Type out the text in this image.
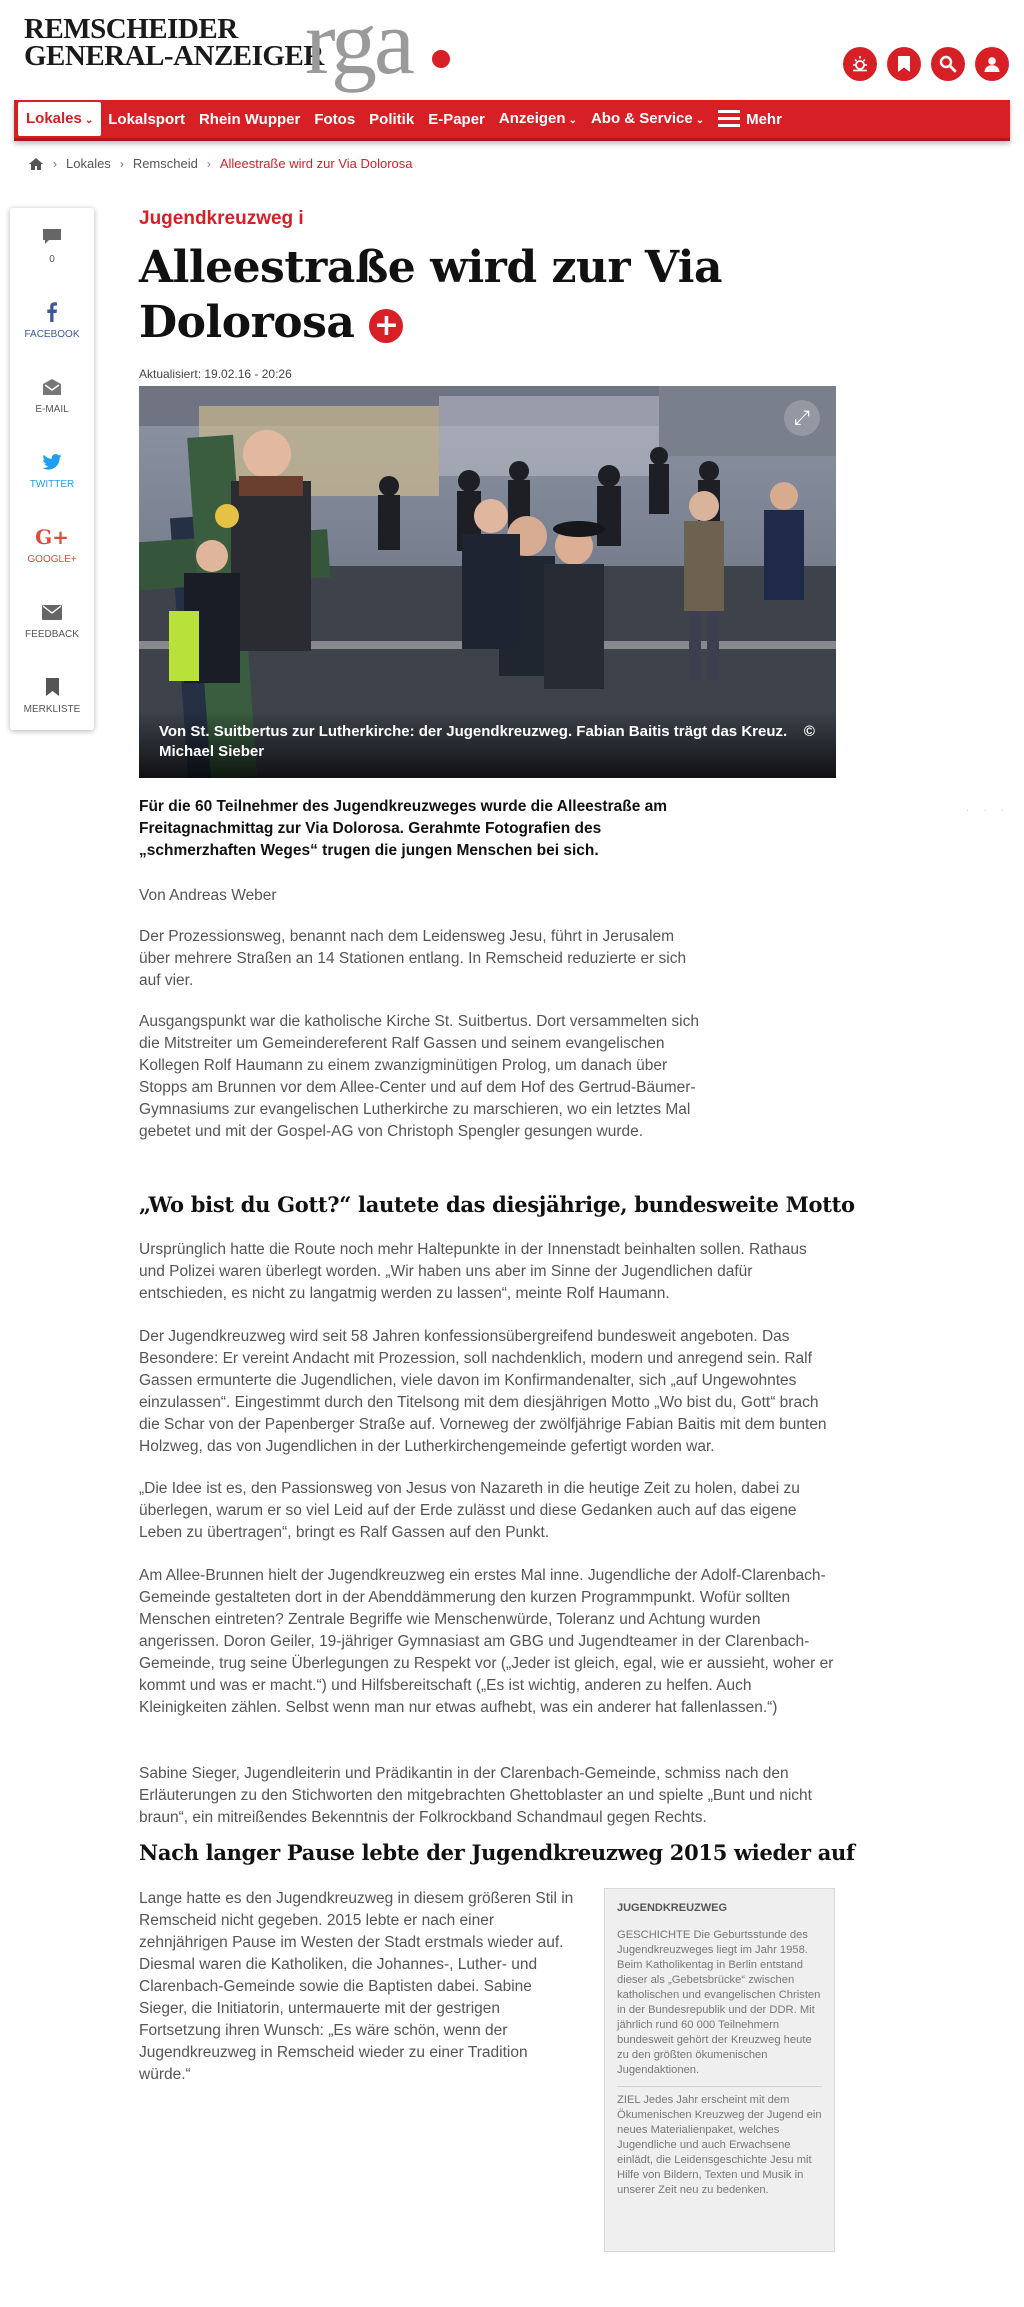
REMSCHEIDER
GENERAL-ANZEIGER
rga
Lokales ⌄	Lokalsport Rhein Wupper Fotos Politik E-Paper Anzeigen ⌄ Abo & Service ⌄	Mehr
› Lokales › Remscheid › Alleestraße wird zur Via Dolorosa
0
FACEBOOK
E-MAIL
TWITTER
G+
GOOGLE+
FEEDBACK
MERKLISTE
Jugendkreuzweg i
Alleestraße wird zur Via Dolorosa +
Aktualisiert: 19.02.16 - 20:26
⤢
Von St. Suitbertus zur Lutherkirche: der Jugendkreuzweg. Fabian Baitis trägt das Kreuz. © Michael Sieber
Für die 60 Teilnehmer des Jugendkreuzweges wurde die Alleestraße am Freitagnachmittag zur Via Dolorosa. Gerahmte Fotografien des „schmerzhaften Weges“ trugen die jungen Menschen bei sich.
Von Andreas Weber
Der Prozessionsweg, benannt nach dem Leidensweg Jesu, führt in Jerusalem über mehrere Straßen an 14 Stationen entlang. In Remscheid reduzierte er sich auf vier.
Ausgangspunkt war die katholische Kirche St. Suitbertus. Dort versammelten sich die Mitstreiter um Gemeindereferent Ralf Gassen und seinem evangelischen Kollegen Rolf Haumann zu einem zwanzigminütigen Prolog, um danach über Stopps am Brunnen vor dem Allee-Center und auf dem Hof des Gertrud-Bäumer-Gymnasiums zur evangelischen Lutherkirche zu marschieren, wo ein letztes Mal gebetet und mit der Gospel-AG von Christoph Spengler gesungen wurde.
„Wo bist du Gott?“ lautete das diesjährige, bundesweite Motto
Ursprünglich hatte die Route noch mehr Haltepunkte in der Innenstadt beinhalten sollen. Rathaus und Polizei waren überlegt worden. „Wir haben uns aber im Sinne der Jugendlichen dafür entschieden, es nicht zu langatmig werden zu lassen“, meinte Rolf Haumann.
Der Jugendkreuzweg wird seit 58 Jahren konfessionsübergreifend bundesweit angeboten. Das Besondere: Er vereint Andacht mit Prozession, soll nachdenklich, modern und anregend sein. Ralf Gassen ermunterte die Jugendlichen, viele davon im Konfirmandenalter, sich „auf Ungewohntes einzulassen“. Eingestimmt durch den Titelsong mit dem diesjährigen Motto „Wo bist du, Gott“ brach die Schar von der Papenberger Straße auf. Vorneweg der zwölfjährige Fabian Baitis mit dem bunten Holzweg, das von Jugendlichen in der Lutherkirchengemeinde gefertigt worden war.
„Die Idee ist es, den Passionsweg von Jesus von Nazareth in die heutige Zeit zu holen, dabei zu überlegen, warum er so viel Leid auf der Erde zulässt und diese Gedanken auch auf das eigene Leben zu übertragen“, bringt es Ralf Gassen auf den Punkt.
Am Allee-Brunnen hielt der Jugendkreuzweg ein erstes Mal inne. Jugendliche der Adolf-Clarenbach-Gemeinde gestalteten dort in der Abenddämmerung den kurzen Programmpunkt. Wofür sollten Menschen eintreten? Zentrale Begriffe wie Menschenwürde, Toleranz und Achtung wurden angerissen. Doron Geiler, 19-jähriger Gymnasiast am GBG und Jugendteamer in der Clarenbach-Gemeinde, trug seine Überlegungen zu Respekt vor („Jeder ist gleich, egal, wie er aussieht, woher er kommt und was er macht.“) und Hilfsbereitschaft („Es ist wichtig, anderen zu helfen. Auch Kleinigkeiten zählen. Selbst wenn man nur etwas aufhebt, was ein anderer hat fallenlassen.“)
Sabine Sieger, Jugendleiterin und Prädikantin in der Clarenbach-Gemeinde, schmiss nach den Erläuterungen zu den Stichworten den mitgebrachten Ghettoblaster an und spielte „Bunt und nicht braun“, ein mitreißendes Bekenntnis der Folkrockband Schandmaul gegen Rechts.
Nach langer Pause lebte der Jugendkreuzweg 2015 wieder auf
Lange hatte es den Jugendkreuzweg in diesem größeren Stil in Remscheid nicht gegeben. 2015 lebte er nach einer zehnjährigen Pause im Westen der Stadt erstmals wieder auf. Diesmal waren die Katholiken, die Johannes-, Luther- und Clarenbach-Gemeinde sowie die Baptisten dabei. Sabine Sieger, die Initiatorin, untermauerte mit der gestrigen Fortsetzung ihren Wunsch: „Es wäre schön, wenn der Jugendkreuzweg in Remscheid wieder zu einer Tradition würde.“
JUGENDKREUZWEG

GESCHICHTE Die Geburtsstunde des Jugendkreuzweges liegt im Jahr 1958. Beim Katholikentag in Berlin entstand dieser als „Gebetsbrücke“ zwischen katholischen und evangelischen Christen in der Bundesrepublik und der DDR. Mit jährlich rund 60 000 Teilnehmern bundesweit gehört der Kreuzweg heute zu den größten ökumenischen Jugendaktionen.

ZIEL Jedes Jahr erscheint mit dem Ökumenischen Kreuzweg der Jugend ein neues Materialienpaket, welches Jugendliche und auch Erwachsene einlädt, die Leidensgeschichte Jesu mit Hilfe von Bildern, Texten und Musik in unserer Zeit neu zu bedenken.

···
